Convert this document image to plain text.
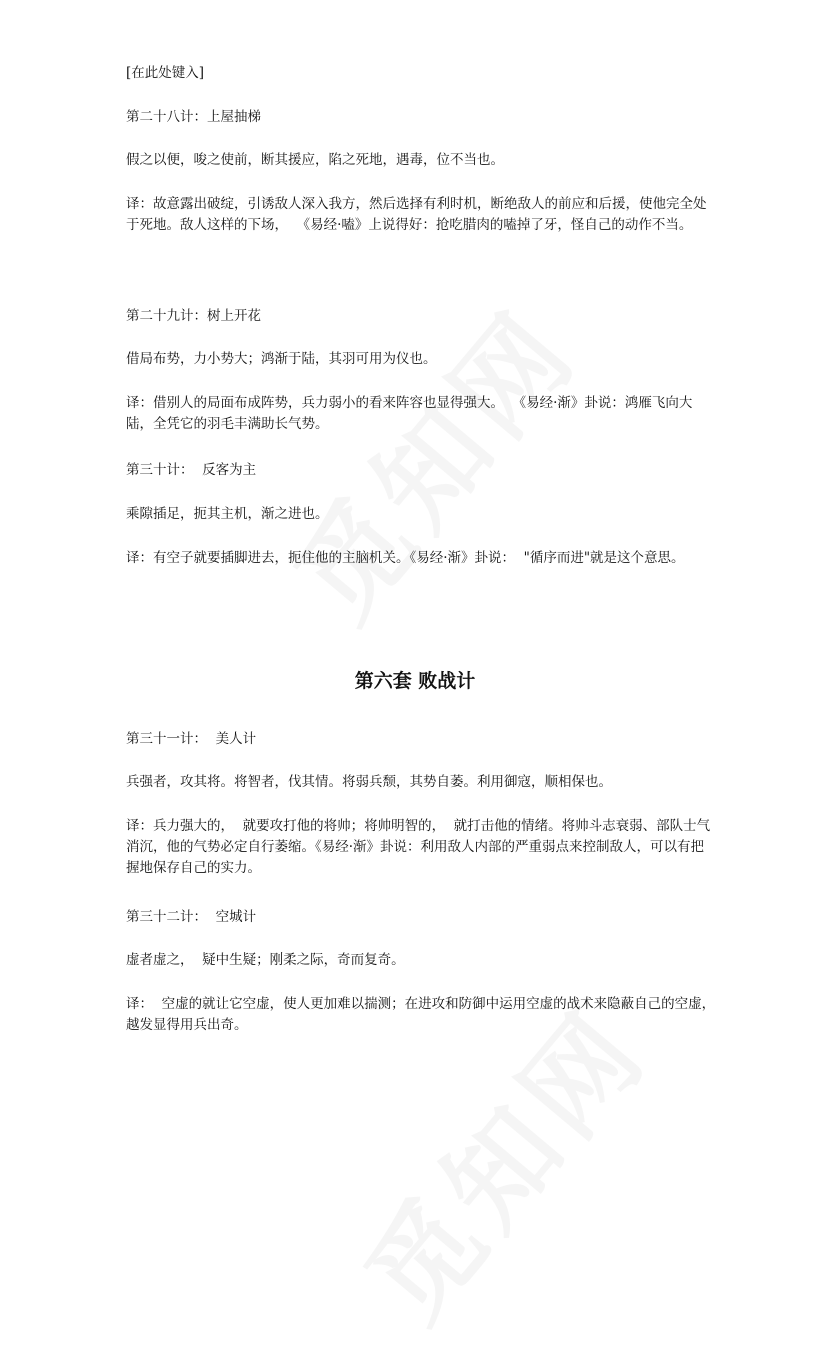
[在此处键入]

第二十八计：上屋抽梯

假之以便，唆之使前，断其援应，陷之死地，遇毒，位不当也。

译：故意露出破绽，引诱敌人深入我方，然后选择有利时机，断绝敌人的前应和后援，使他完全处于死地。敌人这样的下场，  《易经·嗑》上说得好：抢吃腊肉的嗑掉了牙，怪自己的动作不当。

第二十九计：树上开花

借局布势，力小势大；鸿渐于陆，其羽可用为仪也。

译：借别人的局面布成阵势，兵力弱小的看来阵容也显得强大。  《易经·渐》卦说：鸿雁飞向大陆，全凭它的羽毛丰满助长气势。

第三十计：  反客为主

乘隙插足，扼其主机，渐之进也。

译：有空子就要插脚进去，扼住他的主脑机关。《易经·渐》卦说：  "循序而进"就是这个意思。

第六套 败战计

第三十一计：  美人计

兵强者，攻其将。将智者，伐其情。将弱兵颓，其势自萎。利用御寇，顺相保也。

译：兵力强大的，  就要攻打他的将帅；将帅明智的，  就打击他的情绪。将帅斗志衰弱、部队士气消沉，他的气势必定自行萎缩。《易经·渐》卦说：利用敌人内部的严重弱点来控制敌人，可以有把握地保存自己的实力。

第三十二计：  空城计

虚者虚之，  疑中生疑；刚柔之际，奇而复奇。

译：  空虚的就让它空虚，使人更加难以揣测；在进攻和防御中运用空虚的战术来隐蔽自己的空虚，越发显得用兵出奇。
